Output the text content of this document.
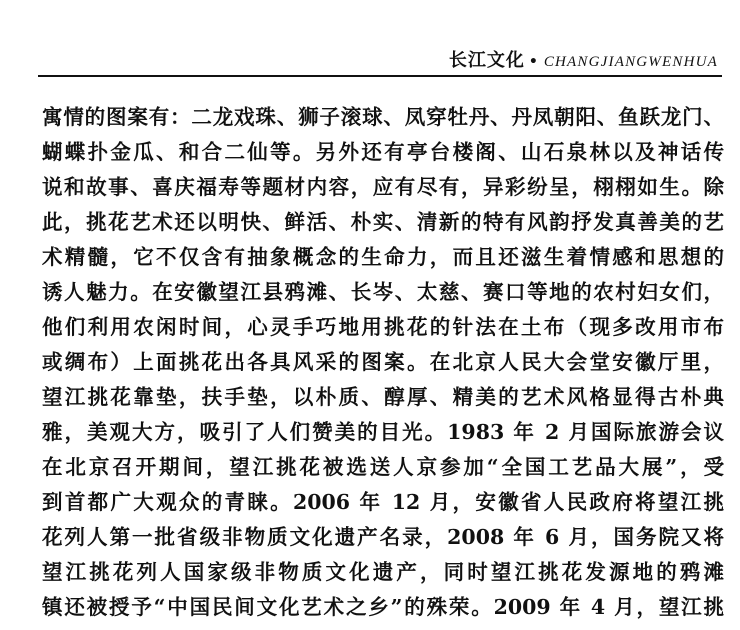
长江文化 • CHANGJIANGWENHUA
寓情的图案有：二龙戏珠、狮子滚球、凤穿牡丹、丹凤朝阳、鱼跃龙门、
蝴蝶扑金瓜、和合二仙等。另外还有亭台楼阁、山石泉林以及神话传
说和故事、喜庆福寿等题材内容，应有尽有，异彩纷呈，栩栩如生。除
此，挑花艺术还以明快、鲜活、朴实、清新的特有风韵抒发真善美的艺
术精髓，它不仅含有抽象概念的生命力，而且还滋生着情感和思想的
诱人魅力。在安徽望江县鸦滩、长岑、太慈、赛口等地的农村妇女们，
他们利用农闲时间，心灵手巧地用挑花的针法在土布（现多改用市布
或绸布）上面挑花出各具风采的图案。在北京人民大会堂安徽厅里，
望江挑花靠垫，扶手垫，以朴质、醇厚、精美的艺术风格显得古朴典
雅，美观大方，吸引了人们赞美的目光。1983 年 2 月国际旅游会议
在北京召开期间，望江挑花被选送人京参加“全国工艺品大展”，受
到首都广大观众的青睐。2006 年 12 月，安徽省人民政府将望江挑
花列人第一批省级非物质文化遗产名录，2008 年 6 月，国务院又将
望江挑花列人国家级非物质文化遗产，同时望江挑花发源地的鸦滩
镇还被授予“中国民间文化艺术之乡”的殊荣。2009 年 4 月，望江挑
